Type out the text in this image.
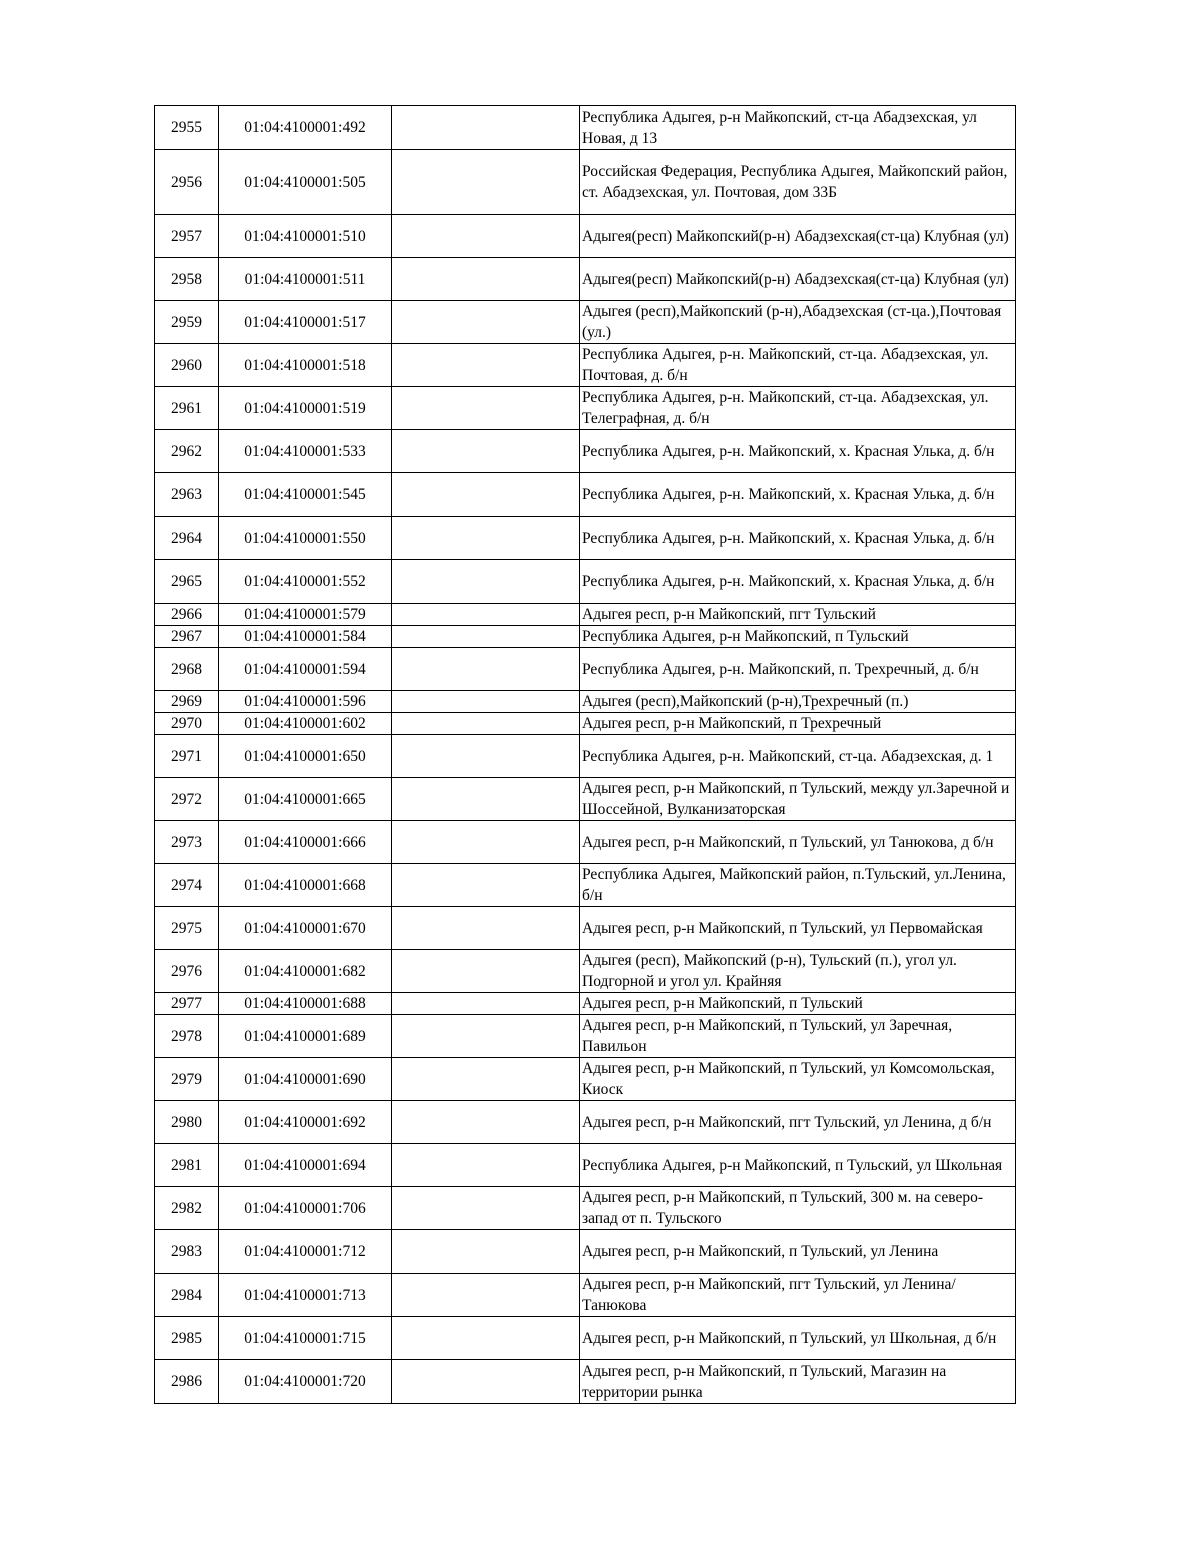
2955	01:04:4100001:492		Республика Адыгея, р-н Майкопский, ст-ца Абадзехская, ул Новая, д 13
2956	01:04:4100001:505		Российская Федерация, Республика Адыгея, Майкопский район, ст. Абадзехская, ул. Почтовая, дом 33Б
2957	01:04:4100001:510		Адыгея(респ) Майкопский(р-н) Абадзехская(ст-ца) Клубная (ул)
2958	01:04:4100001:511		Адыгея(респ) Майкопский(р-н) Абадзехская(ст-ца) Клубная (ул)
2959	01:04:4100001:517		Адыгея (респ),Майкопский (р-н),Абадзехская (ст-ца.),Почтовая (ул.)
2960	01:04:4100001:518		Республика Адыгея, р-н. Майкопский, ст-ца. Абадзехская, ул. Почтовая, д. б/н
2961	01:04:4100001:519		Республика Адыгея, р-н. Майкопский, ст-ца. Абадзехская, ул. Телеграфная, д. б/н
2962	01:04:4100001:533		Республика Адыгея, р-н. Майкопский, х. Красная Улька, д. б/н
2963	01:04:4100001:545		Республика Адыгея, р-н. Майкопский, х. Красная Улька, д. б/н
2964	01:04:4100001:550		Республика Адыгея, р-н. Майкопский, х. Красная Улька, д. б/н
2965	01:04:4100001:552		Республика Адыгея, р-н. Майкопский, х. Красная Улька, д. б/н
2966	01:04:4100001:579		Адыгея респ, р-н Майкопский, пгт Тульский
2967	01:04:4100001:584		Республика Адыгея, р-н Майкопский, п Тульский
2968	01:04:4100001:594		Республика Адыгея, р-н. Майкопский, п. Трехречный, д. б/н
2969	01:04:4100001:596		Адыгея (респ),Майкопский (р-н),Трехречный (п.)
2970	01:04:4100001:602		Адыгея респ, р-н Майкопский, п Трехречный
2971	01:04:4100001:650		Республика Адыгея, р-н. Майкопский, ст-ца. Абадзехская, д. 1
2972	01:04:4100001:665		Адыгея респ, р-н Майкопский, п Тульский, между ул.Заречной и Шоссейной, Вулканизаторская
2973	01:04:4100001:666		Адыгея респ, р-н Майкопский, п Тульский, ул Танюкова, д б/н
2974	01:04:4100001:668		Республика Адыгея, Майкопский район, п.Тульский, ул.Ленина, б/н
2975	01:04:4100001:670		Адыгея респ, р-н Майкопский, п Тульский, ул Первомайская
2976	01:04:4100001:682		Адыгея (респ), Майкопский (р-н), Тульский (п.), угол ул. Подгорной и угол ул. Крайняя
2977	01:04:4100001:688		Адыгея респ, р-н Майкопский, п Тульский
2978	01:04:4100001:689		Адыгея респ, р-н Майкопский, п Тульский, ул Заречная, Павильон
2979	01:04:4100001:690		Адыгея респ, р-н Майкопский, п Тульский, ул Комсомольская, Киоск
2980	01:04:4100001:692		Адыгея респ, р-н Майкопский, пгт Тульский, ул Ленина, д б/н
2981	01:04:4100001:694		Республика Адыгея, р-н Майкопский, п Тульский, ул Школьная
2982	01:04:4100001:706		Адыгея респ, р-н Майкопский, п Тульский, 300 м. на северо-запад от п. Тульского
2983	01:04:4100001:712		Адыгея респ, р-н Майкопский, п Тульский, ул Ленина
2984	01:04:4100001:713		Адыгея респ, р-н Майкопский, пгт Тульский, ул Ленина/Танюкова
2985	01:04:4100001:715		Адыгея респ, р-н Майкопский, п Тульский, ул Школьная, д б/н
2986	01:04:4100001:720		Адыгея респ, р-н Майкопский, п Тульский, Магазин на территории рынка
